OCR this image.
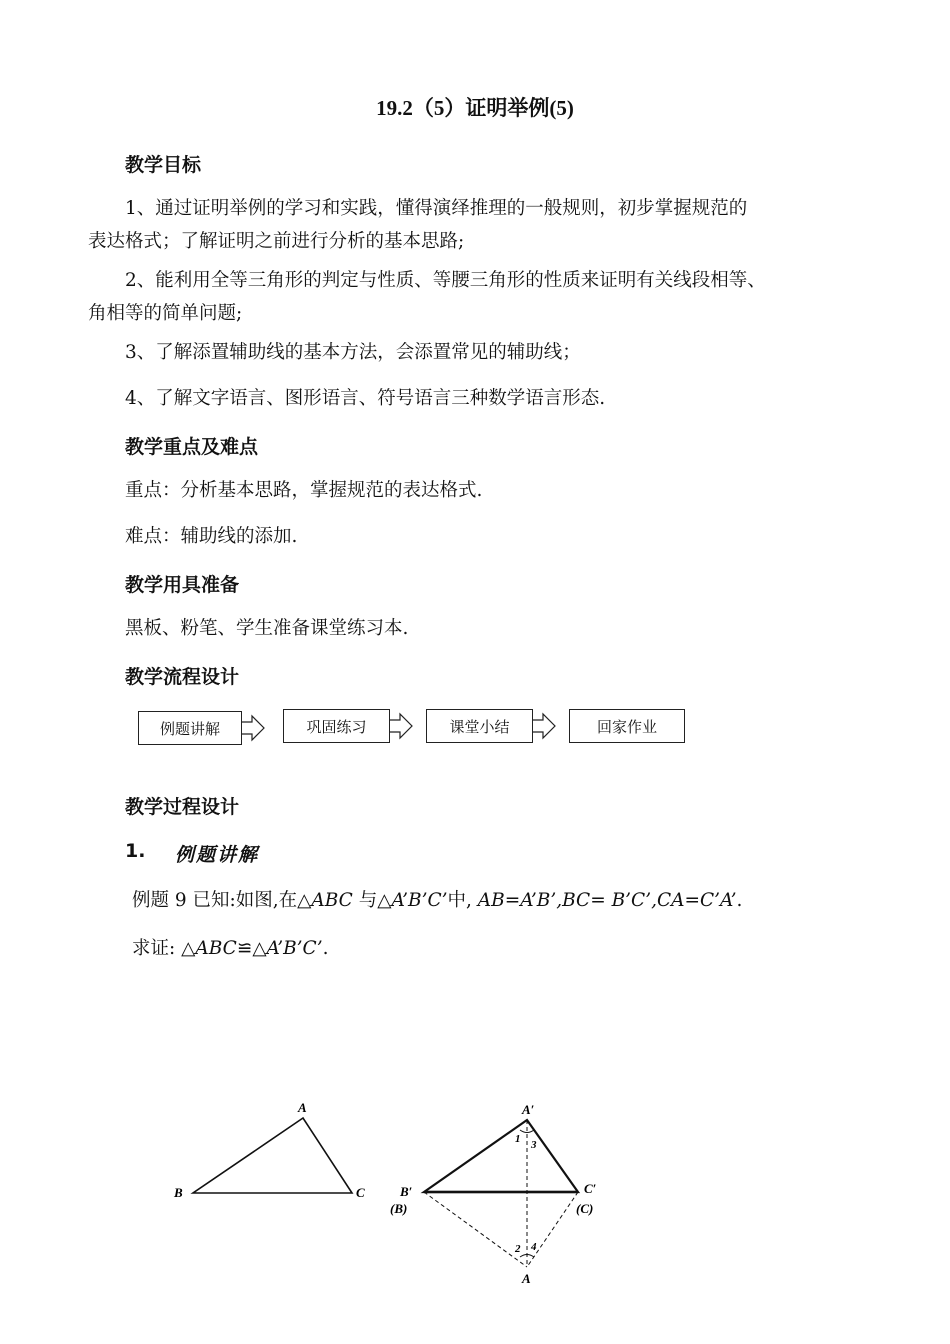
19.2（5）证明举例(5)
教学目标
1、通过证明举例的学习和实践，懂得演绎推理的一般规则，初步掌握规范的
表达格式；了解证明之前进行分析的基本思路;
2、能利用全等三角形的判定与性质、等腰三角形的性质来证明有关线段相等、
角相等的简单问题;
3、了解添置辅助线的基本方法，会添置常见的辅助线；
4、了解文字语言、图形语言、符号语言三种数学语言形态.
教学重点及难点
重点：分析基本思路，掌握规范的表达格式.
难点：辅助线的添加.
教学用具准备
黑板、粉笔、学生准备课堂练习本.
教学流程设计
例题讲解	巩固练习	课堂小结	回家作业
教学过程设计
1. 例题讲解
例题 9 已知:如图,在△ABC 与△A’B’C’中, AB=A’B’,BC= B’C’,CA=C’A’.
求证: △ABC≌△A’B’C’.
A
B	C
A′
B′
(B)
C′
(C)
A
1 3
2 4
